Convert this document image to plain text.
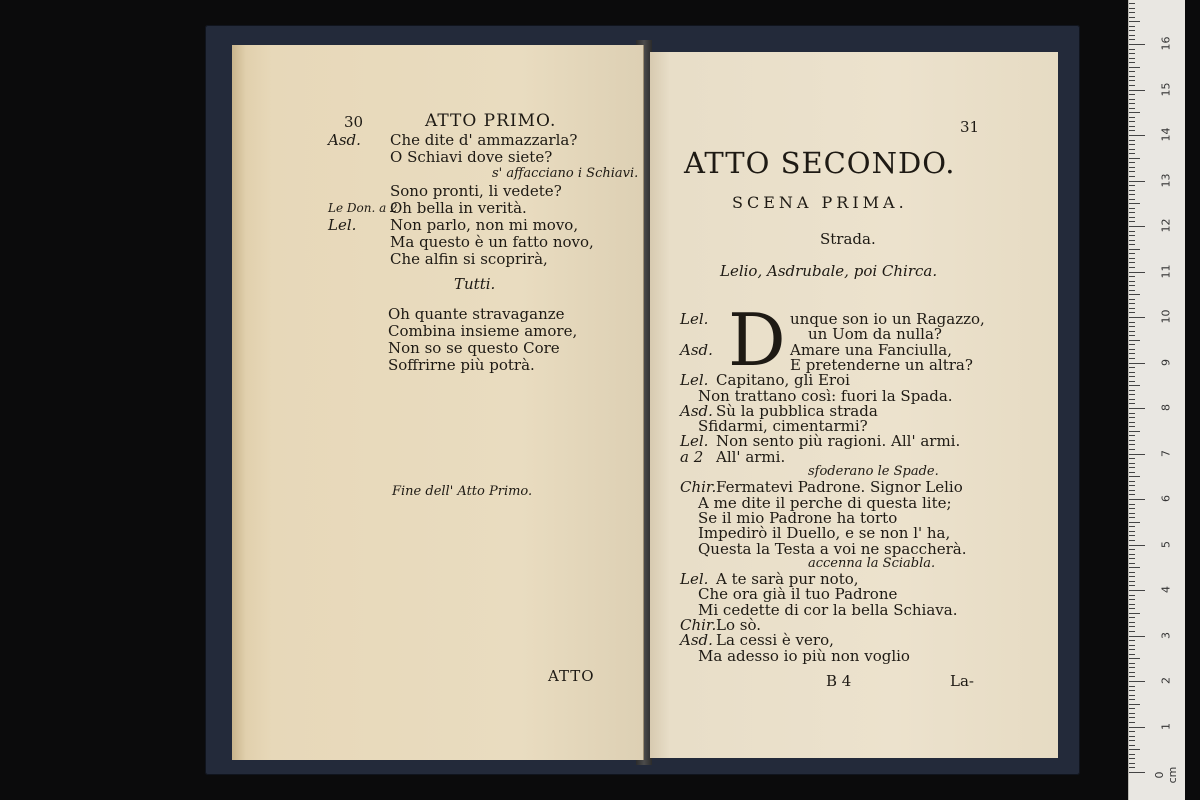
30	ATTO PRIMO.
Asd. Che dite d' ammazzarla?
O Schiavi dove siete?
s' affacciano i Schiavi.
Sono pronti, li vedete?
Le Don. a 2
Oh bella in verità.
Lel. Non parlo, non mi movo,
Ma questo è un fatto novo,
Che alfin si scoprirà,
Tutti.
Oh quante stravaganze
Combina insieme amore,
Non so se questo Core
Soffrirne più potrà.
Fine dell' Atto Primo.
ATTO
31
ATTO SECONDO.
SCENA PRIMA.
Strada.
Lelio, Asdrubale, poi Chirca.
D
Lel.	unque son io un Ragazzo,
un Uom da nulla?
Asd.	Amare una Fanciulla,
E pretenderne un altra?
Lel. Capitano, gli Eroi
Non trattano così: fuori la Spada.
Asd. Sù la pubblica strada
Sfidarmi, cimentarmi?
Lel. Non sento più ragioni. All' armi.
a 2 All' armi.
sfoderano le Spade.
Chir. Fermatevi Padrone. Signor Lelio
A me dite il perche di questa lite;
Se il mio Padrone ha torto
Impedirò il Duello, e se non l' ha,
Questa la Testa a voi ne spaccherà.
accenna la Sciabla.
Lel. A te sarà pur noto,
Che ora già il tuo Padrone
Mi cedette di cor la bella Schiava.
Chir. Lo sò.
Asd. La cessi è vero,
Ma adesso io più non voglio
B 4	La-
1
2
3
4
5
6
7
8
9
10
11
12
13
14
15
16
0 cm
